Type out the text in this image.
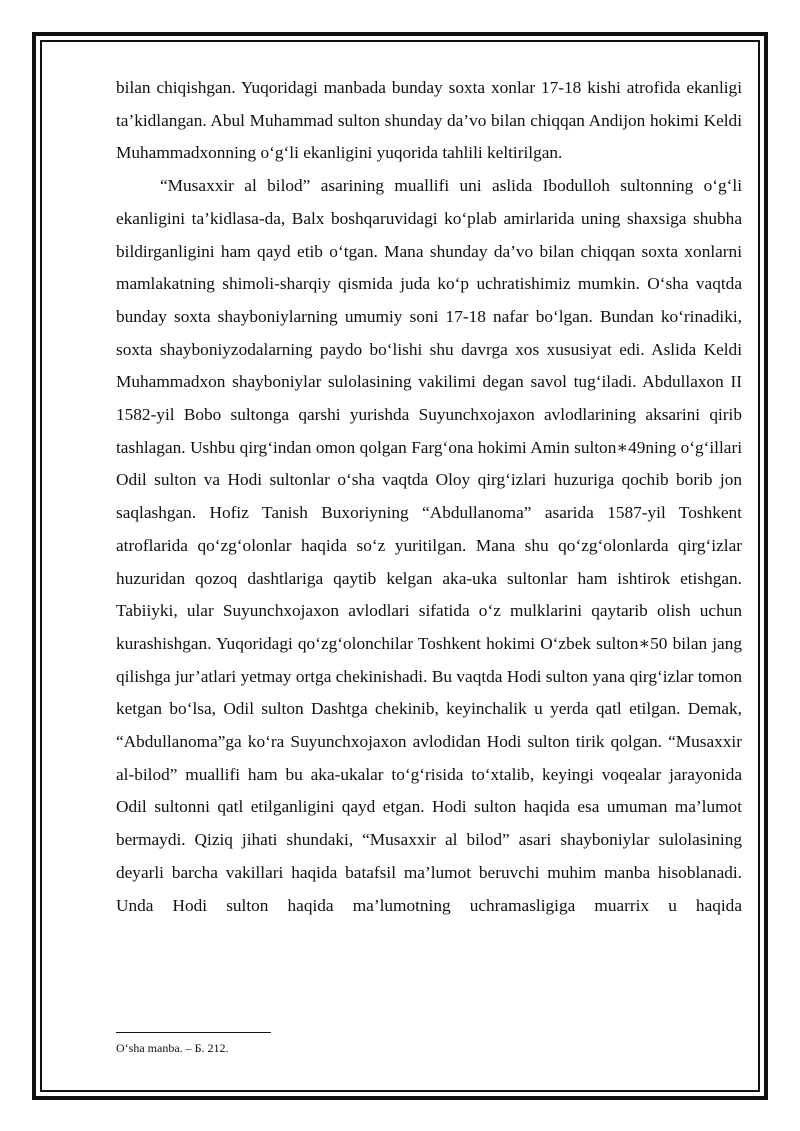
bilan chiqishgan. Yuqoridagi manbada bunday soxta xonlar 17-18 kishi atrofida ekanligi ta’kidlangan. Abul Muhammad sulton shunday da’vo bilan chiqqan Andijon hokimi Keldi Muhammadxonning o‘g‘li ekanligini yuqorida tahlili keltirilgan.

“Musaxxir al bilod” asarining muallifi uni aslida Ibodulloh sultonning o‘g‘li ekanligini ta’kidlasa-da, Balx boshqaruvidagi ko‘plab amirlarida uning shaxsiga shubha bildirganligini ham qayd etib o‘tgan. Mana shunday da’vo bilan chiqqan soxta xonlarni mamlakatning shimoli-sharqiy qismida juda ko‘p uchratishimiz mumkin. O‘sha vaqtda bunday soxta shayboniylarning umumiy soni 17-18 nafar bo‘lgan. Bundan ko‘rinadiki, soxta shayboniyzodalarning paydo bo‘lishi shu davrga xos xususiyat edi. Aslida Keldi Muhammadxon shayboniylar sulolasining vakilimi degan savol tug‘iladi. Abdullaxon II 1582-yil Bobo sultonga qarshi yurishda Suyunchxojaxon avlodlarining aksarini qirib tashlagan. Ushbu qirg‘indan omon qolgan Farg‘ona hokimi Amin sulton∗49ning o‘g‘illari Odil sulton va Hodi sultonlar o‘sha vaqtda Oloy qirg‘izlari huzuriga qochib borib jon saqlashgan. Hofiz Tanish Buxoriyning “Abdullanoma” asarida 1587-yil Toshkent atroflarida qo‘zg‘olonlar haqida so‘z yuritilgan. Mana shu qo‘zg‘olonlarda qirg‘izlar huzuridan qozoq dashtlariga qaytib kelgan aka-uka sultonlar ham ishtirok etishgan. Tabiiyki, ular Suyunchxojaxon avlodlari sifatida o‘z mulklarini qaytarib olish uchun kurashishgan. Yuqoridagi qo‘zg‘olonchilar Toshkent hokimi O‘zbek sulton∗50 bilan jang qilishga jur’atlari yetmay ortga chekinishadi. Bu vaqtda Hodi sulton yana qirg‘izlar tomon ketgan bo‘lsa, Odil sulton Dashtga chekinib, keyinchalik u yerda qatl etilgan. Demak, “Abdullanoma”ga ko‘ra Suyunchxojaxon avlodidan Hodi sulton tirik qolgan. “Musaxxir al-bilod” muallifi ham bu aka-ukalar to‘g‘risida to‘xtalib, keyingi voqealar jarayonida Odil sultonni qatl etilganligini qayd etgan. Hodi sulton haqida esa umuman ma’lumot bermaydi. Qiziq jihati shundaki, “Musaxxir al bilod” asari shayboniylar sulolasining deyarli barcha vakillari haqida batafsil ma’lumot beruvchi muhim manba hisoblanadi. Unda Hodi sulton haqida ma’lumotning uchramasligiga muarrix u haqida

O‘sha manba. – Б. 212.
